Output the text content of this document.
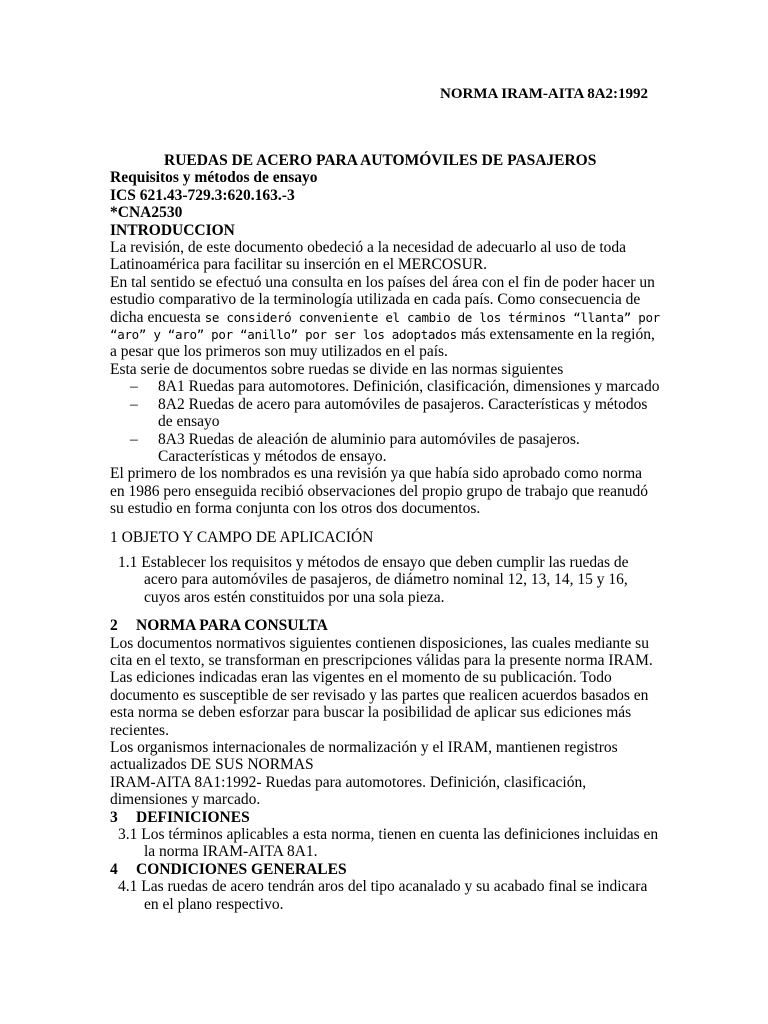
NORMA IRAM-AITA 8A2:1992
RUEDAS DE ACERO PARA AUTOMÓVILES DE PASAJEROS
Requisitos y métodos de ensayo
ICS 621.43-729.3:620.163.-3
*CNA2530
INTRODUCCION

La revisión, de este documento obedeció a la necesidad de adecuarlo al uso de toda Latinoamérica para facilitar su inserción en el MERCOSUR.

En tal sentido se efectuó una consulta en los países del área con el fin de poder hacer un estudio comparativo de la terminología utilizada en cada país. Como consecuencia de dicha encuesta se consideró conveniente el cambio de los términos “llanta” por “aro” y “aro” por “anillo” por ser los adoptados más extensamente en la región, a pesar que los primeros son muy utilizados en el país.

Esta serie de documentos sobre ruedas se divide en las normas siguientes

– 8A1 Ruedas para automotores. Definición, clasificación, dimensiones y marcado
– 8A2 Ruedas de acero para automóviles de pasajeros. Características y métodos de ensayo
– 8A3 Ruedas de aleación de aluminio para automóviles de pasajeros. Características y métodos de ensayo.

El primero de los nombrados es una revisión ya que había sido aprobado como norma en 1986 pero enseguida recibió observaciones del propio grupo de trabajo que reanudó su estudio en forma conjunta con los otros dos documentos.

1 OBJETO Y CAMPO DE APLICACIÓN
1.1 Establecer los requisitos y métodos de ensayo que deben cumplir las ruedas de acero para automóviles de pasajeros, de diámetro nominal 12, 13, 14, 15 y 16, cuyos aros estén constituidos por una sola pieza.
2 NORMA PARA CONSULTA

Los documentos normativos siguientes contienen disposiciones, las cuales mediante su cita en el texto, se transforman en prescripciones válidas para la presente norma IRAM. Las ediciones indicadas eran las vigentes en el momento de su publicación. Todo documento es susceptible de ser revisado y las partes que realicen acuerdos basados en esta norma se deben esforzar para buscar la posibilidad de aplicar sus ediciones más recientes.

Los organismos internacionales de normalización y el IRAM, mantienen registros actualizados DE SUS NORMAS

IRAM-AITA 8A1:1992- Ruedas para automotores. Definición, clasificación, dimensiones y marcado.

3 DEFINICIONES
3.1 Los términos aplicables a esta norma, tienen en cuenta las definiciones incluidas en la norma IRAM-AITA 8A1.
4 CONDICIONES GENERALES
4.1 Las ruedas de acero tendrán aros del tipo acanalado y su acabado final se indicara en el plano respectivo.
